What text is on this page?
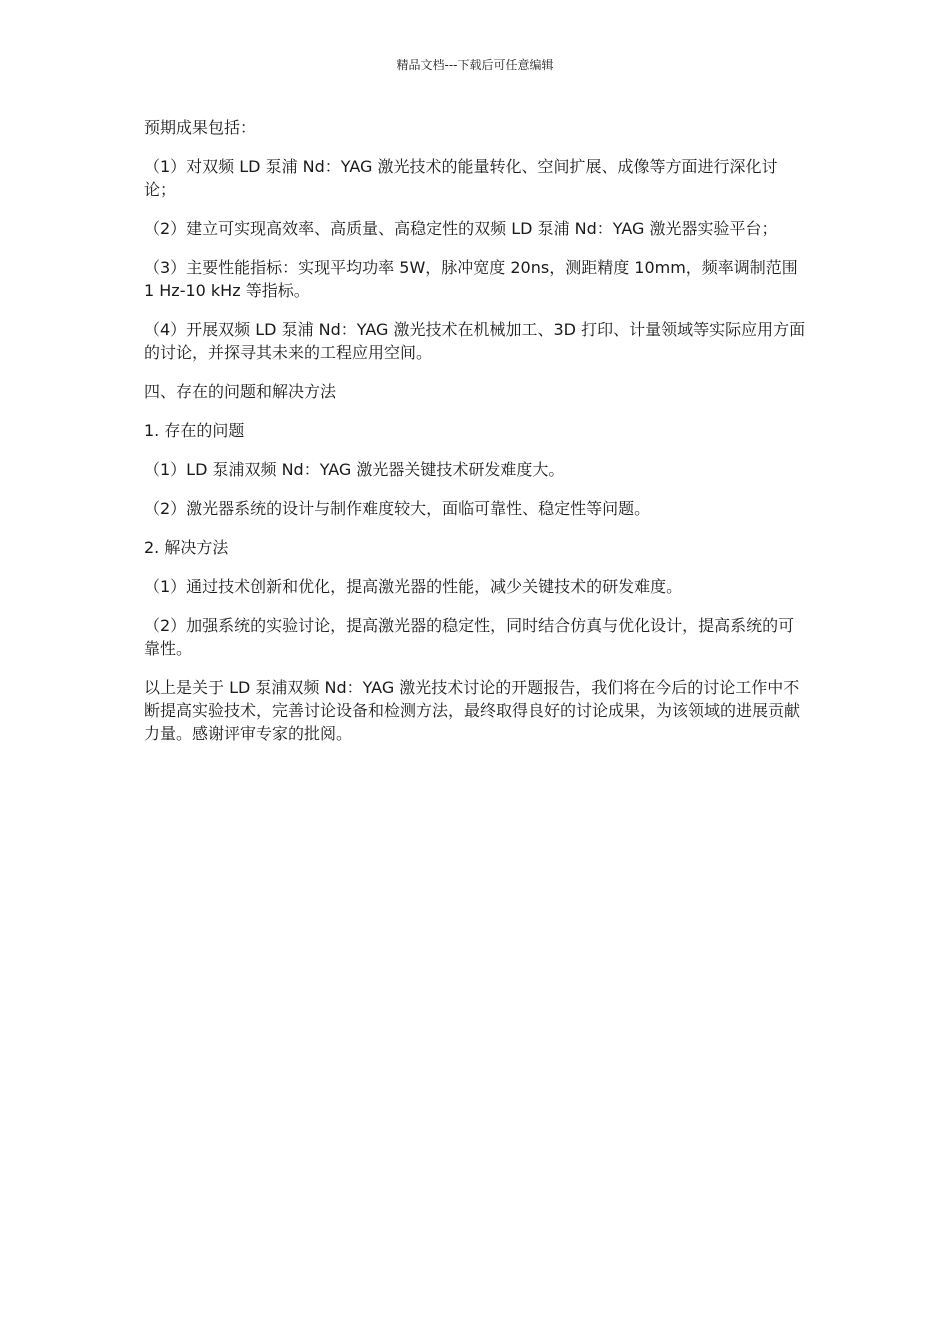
精品文档---下载后可任意编辑

预期成果包括：

（1）对双频 LD 泵浦 Nd：YAG 激光技术的能量转化、空间扩展、成像等方面进行深化讨论；

（2）建立可实现高效率、高质量、高稳定性的双频 LD 泵浦 Nd：YAG 激光器实验平台；

（3）主要性能指标：实现平均功率 5W，脉冲宽度 20ns，测距精度 10mm，频率调制范围 1 Hz-10 kHz 等指标。

（4）开展双频 LD 泵浦 Nd：YAG 激光技术在机械加工、3D 打印、计量领域等实际应用方面的讨论，并探寻其未来的工程应用空间。

四、存在的问题和解决方法

1. 存在的问题

（1）LD 泵浦双频 Nd：YAG 激光器关键技术研发难度大。

（2）激光器系统的设计与制作难度较大，面临可靠性、稳定性等问题。

2. 解决方法

（1）通过技术创新和优化，提高激光器的性能，减少关键技术的研发难度。

（2）加强系统的实验讨论，提高激光器的稳定性，同时结合仿真与优化设计，提高系统的可靠性。

以上是关于 LD 泵浦双频 Nd：YAG 激光技术讨论的开题报告，我们将在今后的讨论工作中不断提高实验技术，完善讨论设备和检测方法，最终取得良好的讨论成果，为该领域的进展贡献力量。感谢评审专家的批阅。
